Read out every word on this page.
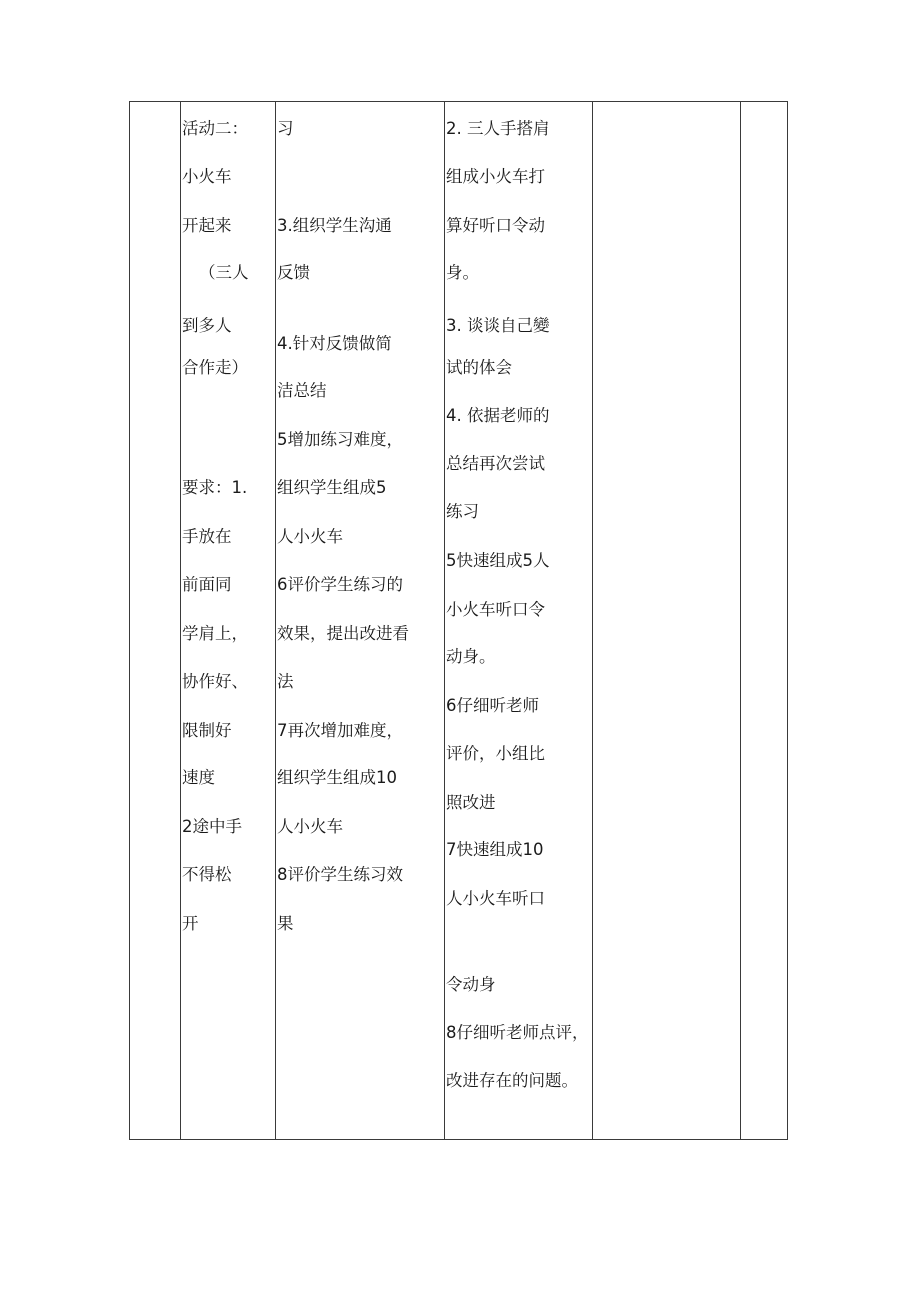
活动二：
小火车
开起来
（三人
到多人
合作走）
要求：1.
手放在
前面同
学肩上，
协作好、
限制好
速度
2途中手
不得松
开

习
3.组织学生沟通
反馈
4.针对反馈做简
洁总结
5增加练习难度，
组织学生组成5
人小火车
6评价学生练习的
效果，提出改进看
法
7再次增加难度，
组织学生组成10
人小火车
8评价学生练习效
果

2. 三人手搭肩
组成小火车打
算好听口令动
身。
3. 谈谈自己變
试的体会
4. 依据老师的
总结再次尝试
练习
5快速组成5人
小火车听口令
动身。
6仔细听老师
评价，小组比
照改进
7快速组成10
人小火车听口
令动身
8仔细听老师点评，
改进存在的问题。
